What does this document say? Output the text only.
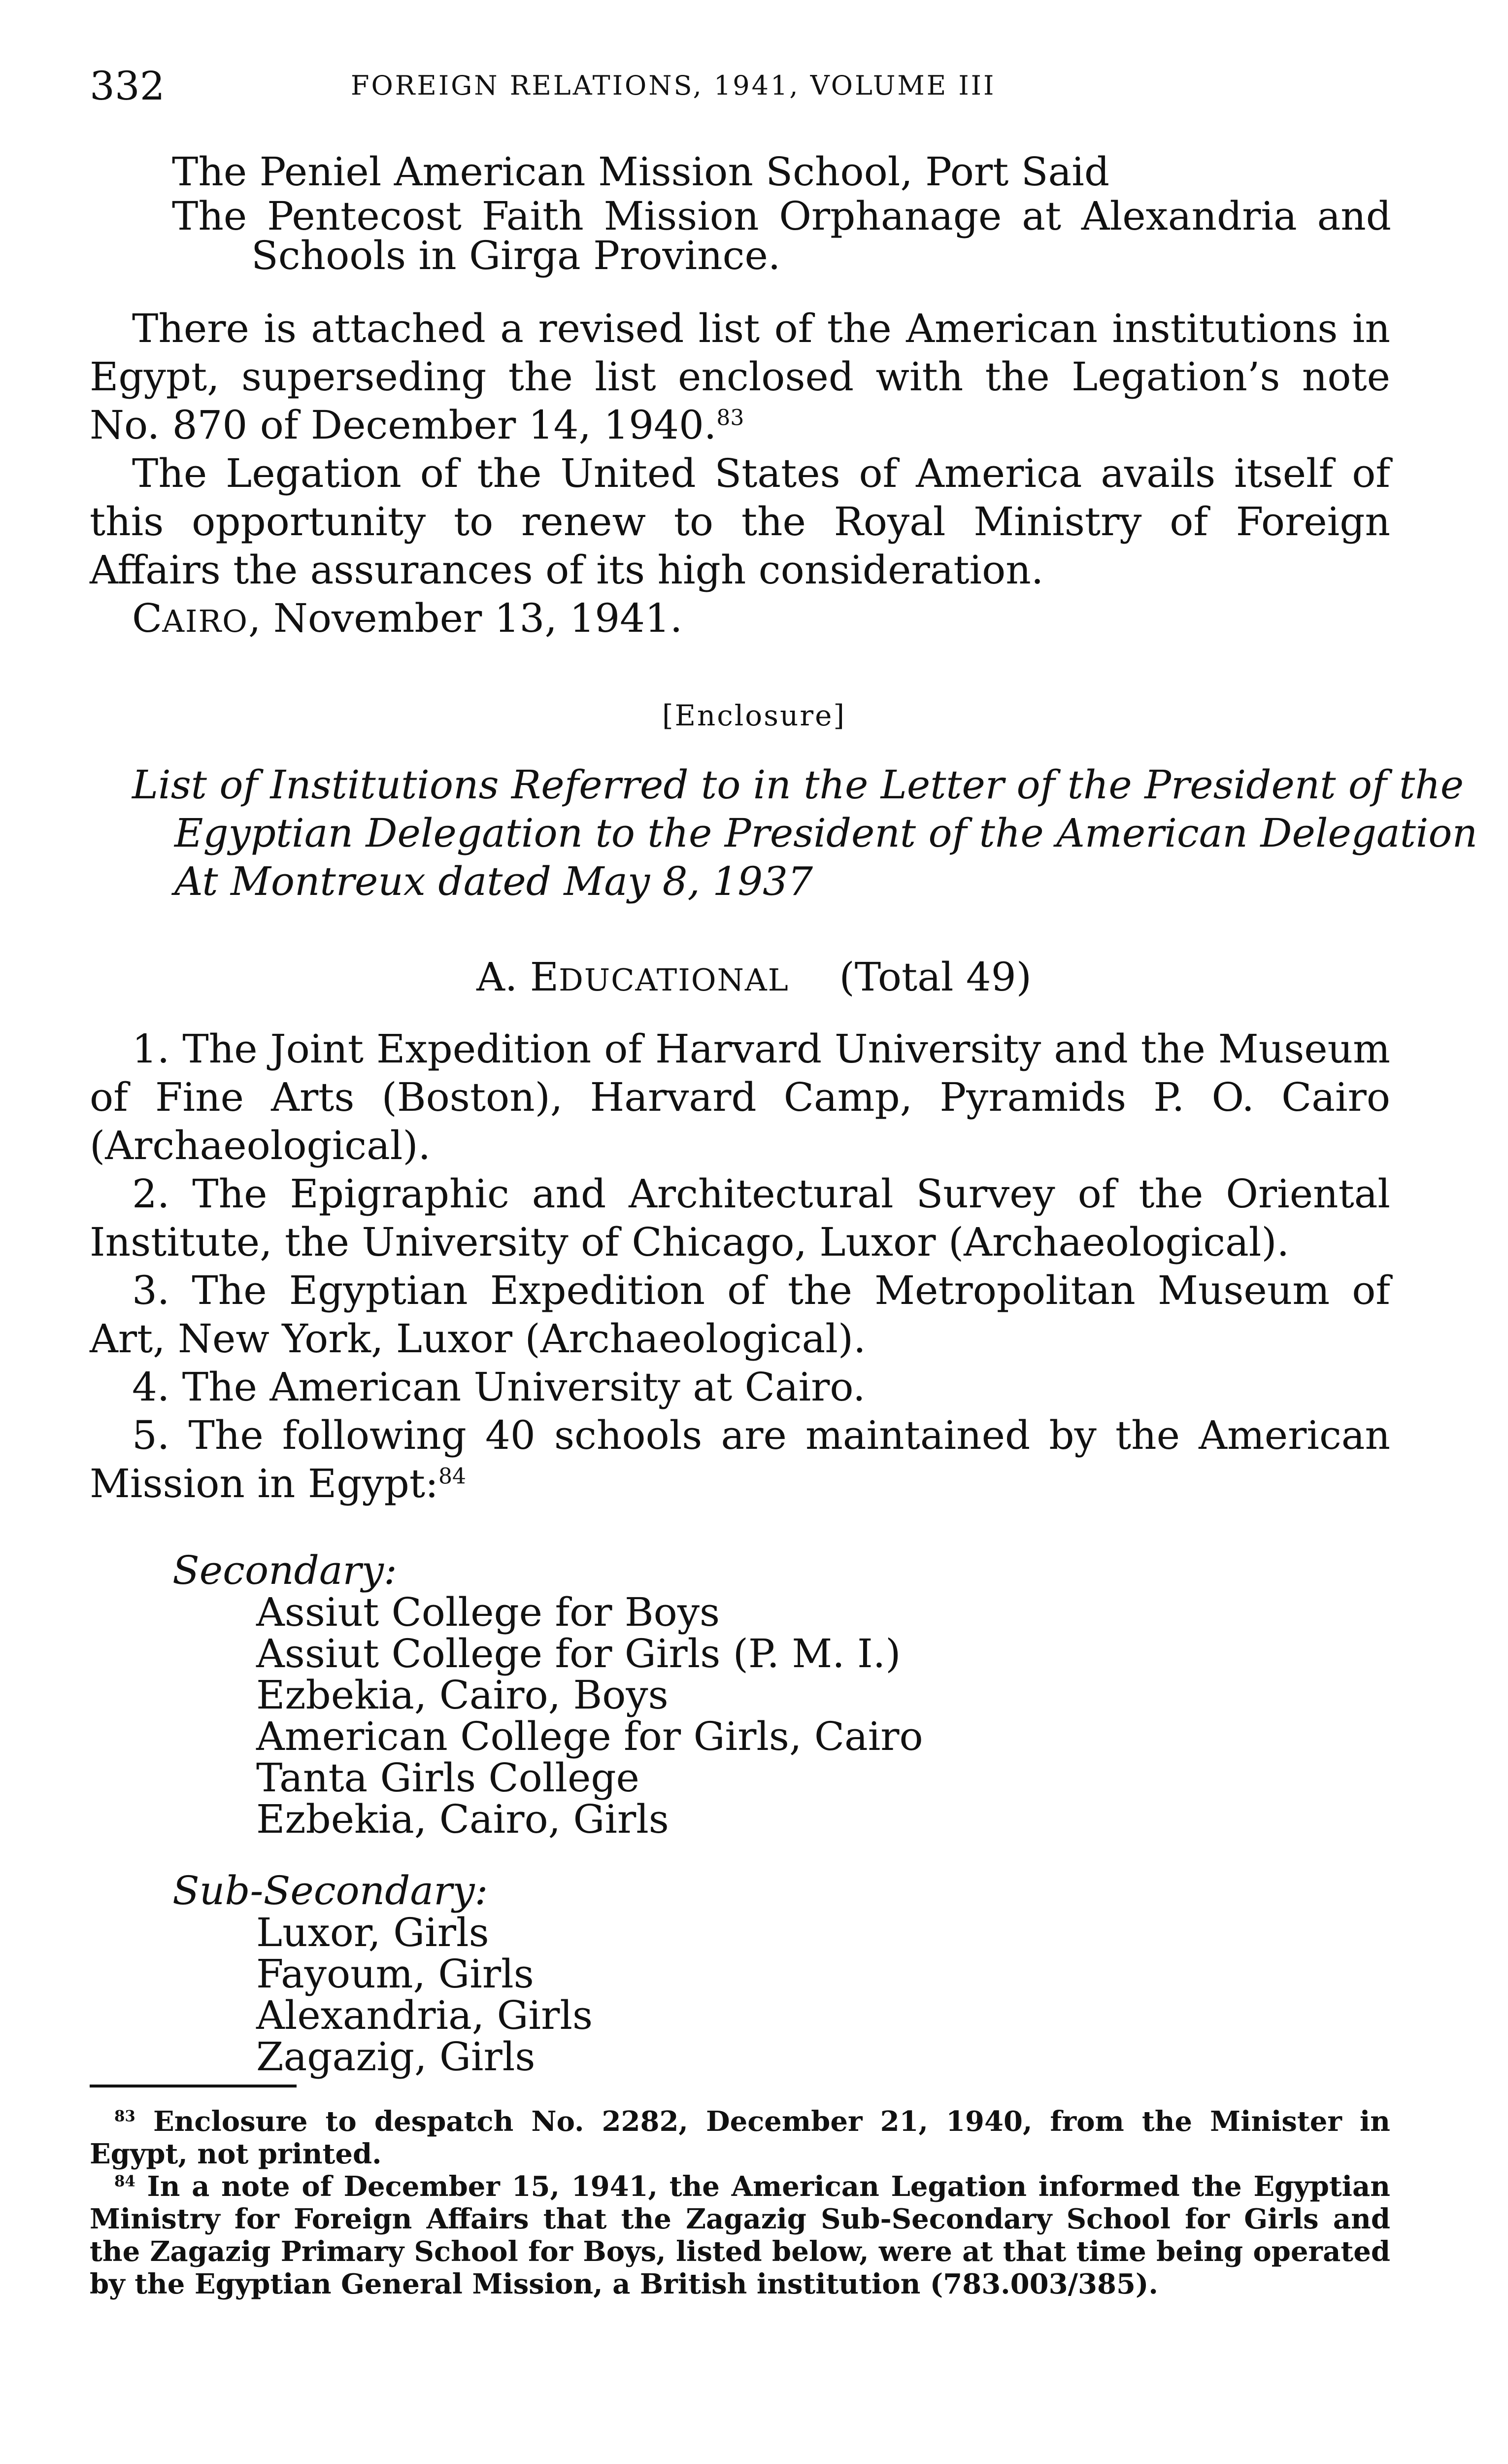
332	FOREIGN RELATIONS, 1941, VOLUME III
The Peniel American Mission School, Port Said
The Pentecost Faith Mission Orphanage at Alexandria and
Schools in Girga Province.

There is attached a revised list of the American institutions in Egypt, superseding the list enclosed with the Legation’s note No. 870 of December 14, 1940.83

The Legation of the United States of America avails itself of this opportunity to renew to the Royal Ministry of Foreign Affairs the assurances of its high consideration.

CAIRO, November 13, 1941.
[Enclosure]
List of Institutions Referred to in the Letter of the President of the
Egyptian Delegation to the President of the American Delegation
At Montreux dated May 8, 1937
A. EDUCATIONAL (Total 49)

1. The Joint Expedition of Harvard University and the Museum of Fine Arts (Boston), Harvard Camp, Pyramids P. O. Cairo (Archaeological).

2. The Epigraphic and Architectural Survey of the Oriental Institute, the University of Chicago, Luxor (Archaeological).

3. The Egyptian Expedition of the Metropolitan Museum of Art, New York, Luxor (Archaeological).

4. The American University at Cairo.

5. The following 40 schools are maintained by the American Mission in Egypt:$^{84}$

Secondary:
Assiut College for Boys
Assiut College for Girls (P. M. I.)
Ezbekia, Cairo, Boys
American College for Girls, Cairo
Tanta Girls College
Ezbekia, Cairo, Girls
Sub-Secondary:
Luxor, Girls
Fayoum, Girls
Alexandria, Girls
Zagazig, Girls

$^{83}$ Enclosure to despatch No. 2282, December 21, 1940, from the Minister in Egypt, not printed.

$^{84}$ In a note of December 15, 1941, the American Legation informed the Egyptian Ministry for Foreign Affairs that the Zagazig Sub-Secondary School for Girls and the Zagazig Primary School for Boys, listed below, were at that time being operated by the Egyptian General Mission, a British institution (783.003/385).
